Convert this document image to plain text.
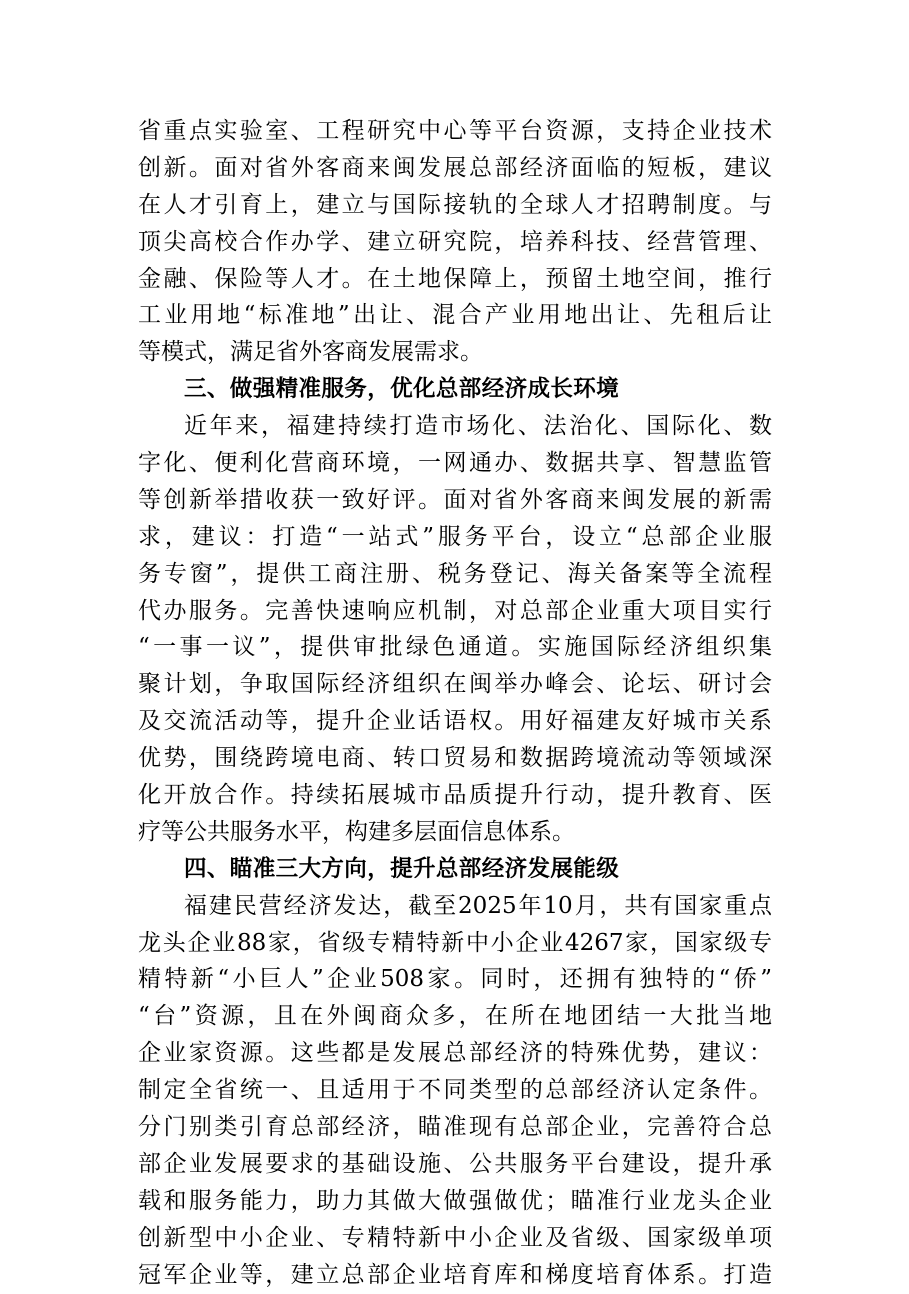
省重点实验室、工程研究中心等平台资源，支持企业技术
创新。面对省外客商来闽发展总部经济面临的短板，建议
在人才引育上，建立与国际接轨的全球人才招聘制度。与
顶尖高校合作办学、建立研究院，培养科技、经营管理、
金融、保险等人才。在土地保障上，预留土地空间，推行
工业用地“标准地”出让、混合产业用地出让、先租后让
等模式，满足省外客商发展需求。
三、做强精准服务，优化总部经济成长环境
近年来，福建持续打造市场化、法治化、国际化、数
字化、便利化营商环境，一网通办、数据共享、智慧监管
等创新举措收获一致好评。面对省外客商来闽发展的新需
求，建议：打造“一站式”服务平台，设立“总部企业服
务专窗”，提供工商注册、税务登记、海关备案等全流程
代办服务。完善快速响应机制，对总部企业重大项目实行
“一事一议”，提供审批绿色通道。实施国际经济组织集
聚计划，争取国际经济组织在闽举办峰会、论坛、研讨会
及交流活动等，提升企业话语权。用好福建友好城市关系
优势，围绕跨境电商、转口贸易和数据跨境流动等领域深
化开放合作。持续拓展城市品质提升行动，提升教育、医
疗等公共服务水平，构建多层面信息体系。
四、瞄准三大方向，提升总部经济发展能级
福建民营经济发达，截至2025年10月，共有国家重点
龙头企业88家，省级专精特新中小企业4267家，国家级专
精特新“小巨人”企业508家。同时，还拥有独特的“侨”
“台”资源，且在外闽商众多，在所在地团结一大批当地
企业家资源。这些都是发展总部经济的特殊优势，建议：
制定全省统一、且适用于不同类型的总部经济认定条件。
分门别类引育总部经济，瞄准现有总部企业，完善符合总
部企业发展要求的基础设施、公共服务平台建设，提升承
载和服务能力，助力其做大做强做优；瞄准行业龙头企业
创新型中小企业、专精特新中小企业及省级、国家级单项
冠军企业等，建立总部企业培育库和梯度培育体系。打造
